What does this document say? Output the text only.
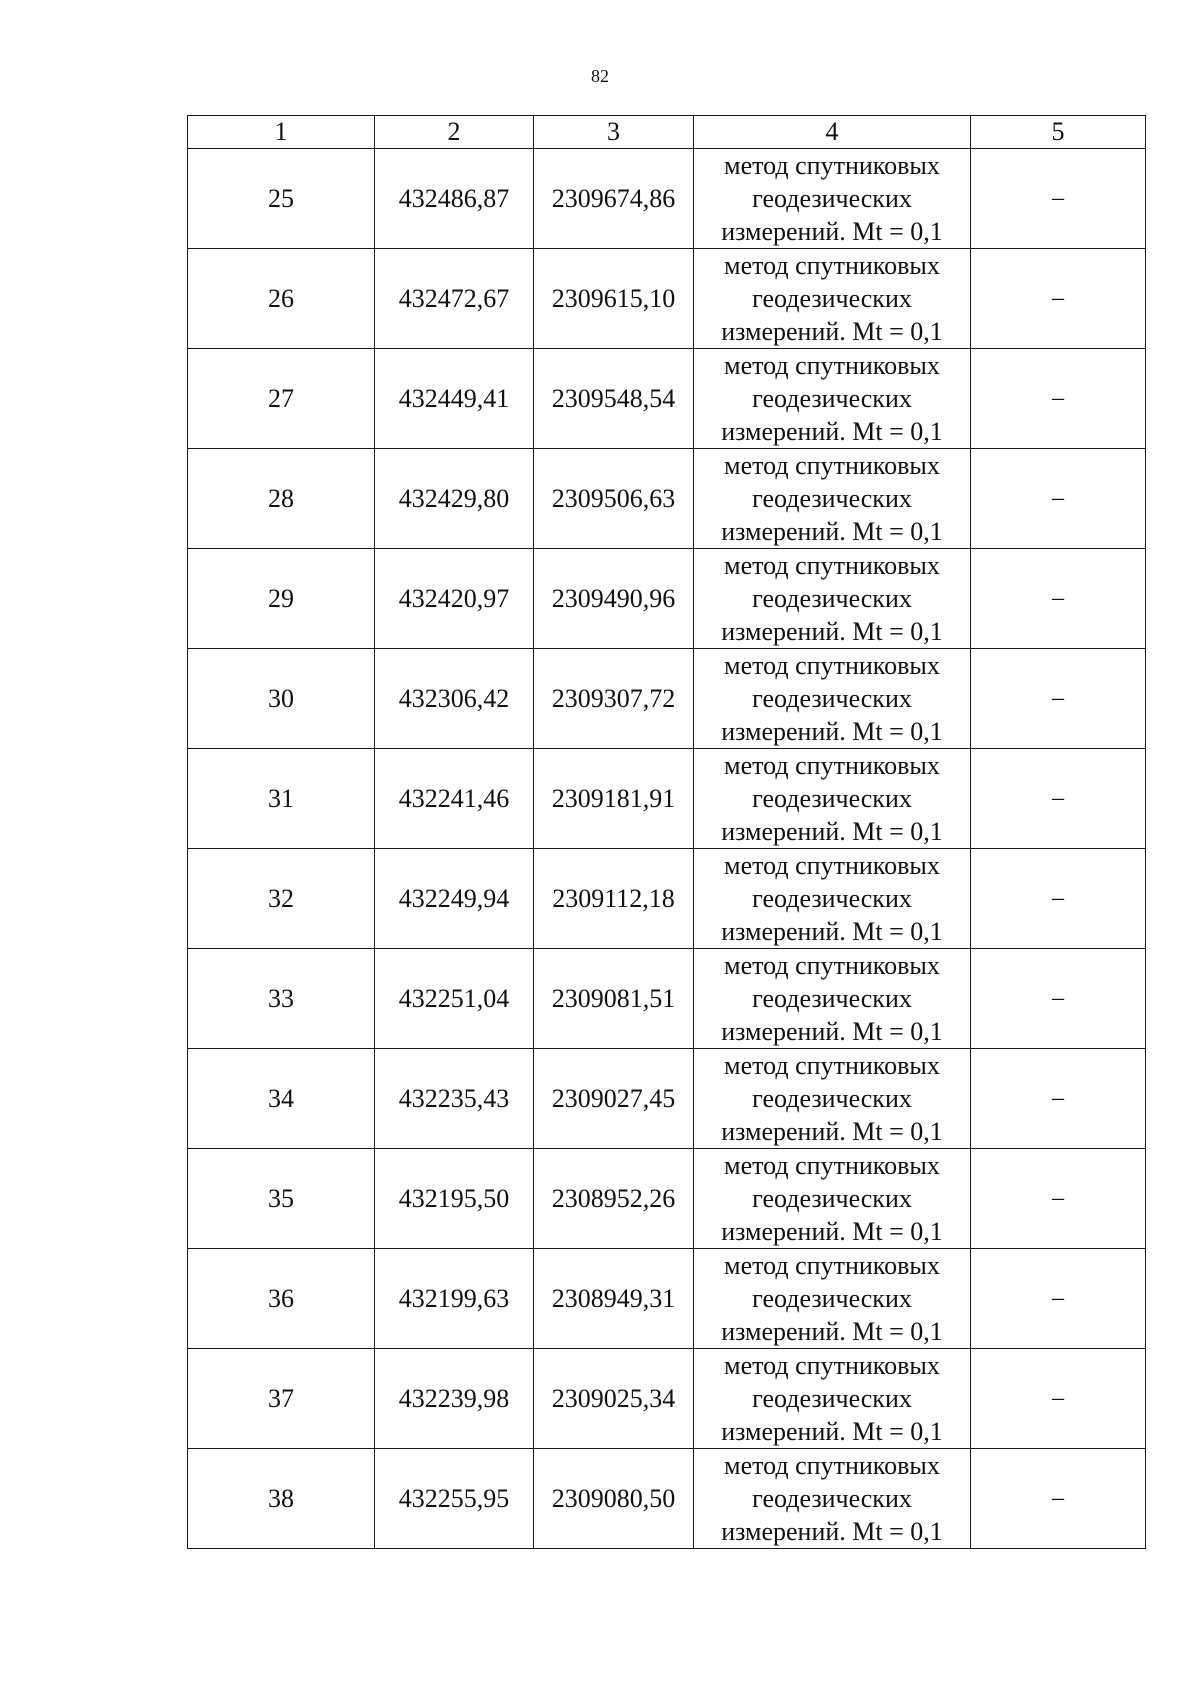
82
1	2	3	4	5
25	432486,87	2309674,86	метод спутниковых
геодезических
измерений. Mt = 0,1	–
26	432472,67	2309615,10	метод спутниковых
геодезических
измерений. Mt = 0,1	–
27	432449,41	2309548,54	метод спутниковых
геодезических
измерений. Mt = 0,1	–
28	432429,80	2309506,63	метод спутниковых
геодезических
измерений. Mt = 0,1	–
29	432420,97	2309490,96	метод спутниковых
геодезических
измерений. Mt = 0,1	–
30	432306,42	2309307,72	метод спутниковых
геодезических
измерений. Mt = 0,1	–
31	432241,46	2309181,91	метод спутниковых
геодезических
измерений. Mt = 0,1	–
32	432249,94	2309112,18	метод спутниковых
геодезических
измерений. Mt = 0,1	–
33	432251,04	2309081,51	метод спутниковых
геодезических
измерений. Mt = 0,1	–
34	432235,43	2309027,45	метод спутниковых
геодезических
измерений. Mt = 0,1	–
35	432195,50	2308952,26	метод спутниковых
геодезических
измерений. Mt = 0,1	–
36	432199,63	2308949,31	метод спутниковых
геодезических
измерений. Mt = 0,1	–
37	432239,98	2309025,34	метод спутниковых
геодезических
измерений. Mt = 0,1	–
38	432255,95	2309080,50	метод спутниковых
геодезических
измерений. Mt = 0,1	–
